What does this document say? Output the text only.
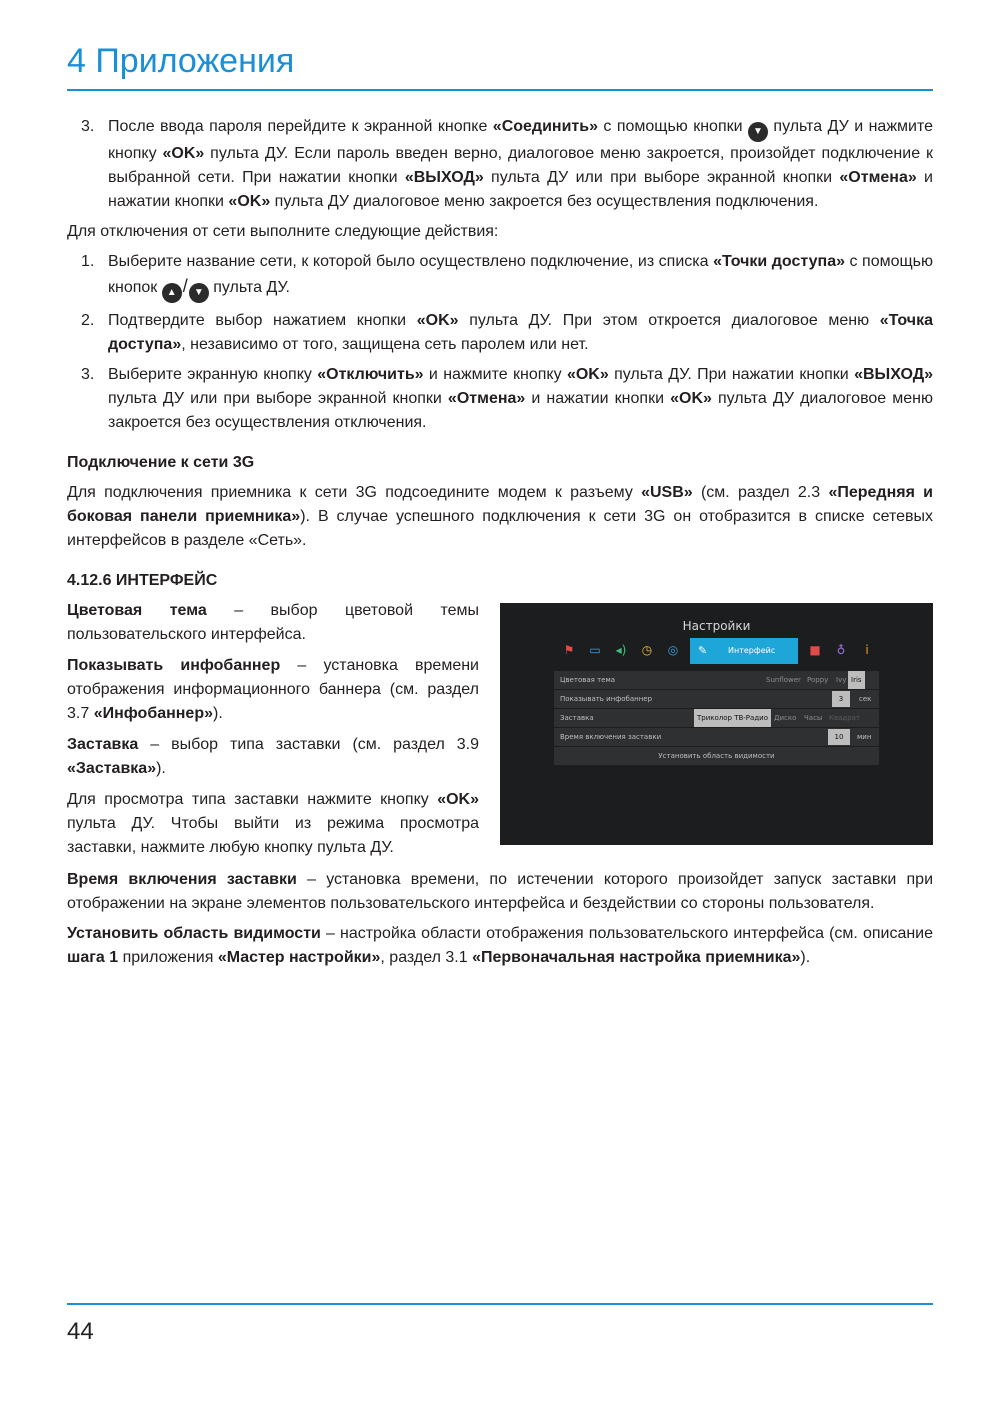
4 Приложения
3. После ввода пароля перейдите к экранной кнопке «Соединить» с помощью кнопки ▼ пульта ДУ и нажмите кнопку «OK» пульта ДУ. Если пароль введен верно, диалоговое меню закроется, произойдет подключение к выбранной сети. При нажатии кнопки «ВЫХОД» пульта ДУ или при выборе экранной кнопки «Отмена» и нажатии кнопки «OK» пульта ДУ диалоговое меню закроется без осуществления подключения.

Для отключения от сети выполните следующие действия:

1. Выберите название сети, к которой было осуществлено подключение, из списка «Точки доступа» с помощью кнопок ▲ / ▼ пульта ДУ.
2. Подтвердите выбор нажатием кнопки «OK» пульта ДУ. При этом откроется диалоговое меню «Точка доступа», независимо от того, защищена сеть паролем или нет.
3. Выберите экранную кнопку «Отключить» и нажмите кнопку «OK» пульта ДУ. При нажатии кнопки «ВЫХОД» пульта ДУ или при выборе экранной кнопки «Отмена» и нажатии кнопки «OK» пульта ДУ диалоговое меню закроется без осуществления отключения.
Подключение к сети 3G

Для подключения приемника к сети 3G подсоедините модем к разъему «USB» (см. раздел 2.3 «Передняя и боковая панели приемника»). В случае успешного подключения к сети 3G он отобразится в списке сетевых интерфейсов в разделе «Сеть».

4.12.6 ИНТЕРФЕЙС

Цветовая тема – выбор цветовой темы пользовательского интерфейса.

Показывать инфобаннер – установка времени отображения информационного баннера (см. раздел 3.7 «Инфобаннер»).

Заставка – выбор типа заставки (см. раздел 3.9 «Заставка»).

Для просмотра типа заставки нажмите кнопку «OK» пульта ДУ. Чтобы выйти из режима просмотра заставки, нажмите любую кнопку пульта ДУ.

Настройки
⚑ ▭ ◂) ◷ ◎	■ ♁	i
✎	Интерфейс
Цветовая тема	Sunflower Poppy Ivy Iris
Показывать инфобаннер	3	сек
Заставка	Триколор ТВ-Радио Диско Часы Квадрат
Время включения заставки	10	мин
Установить область видимости

Время включения заставки – установка времени, по истечении которого произойдет запуск заставки при отображении на экране элементов пользовательского интерфейса и бездействии со стороны пользователя.

Установить область видимости – настройка области отображения пользовательского интерфейса (см. описание шага 1 приложения «Мастер настройки», раздел 3.1 «Первоначальная настройка приемника»).

44
